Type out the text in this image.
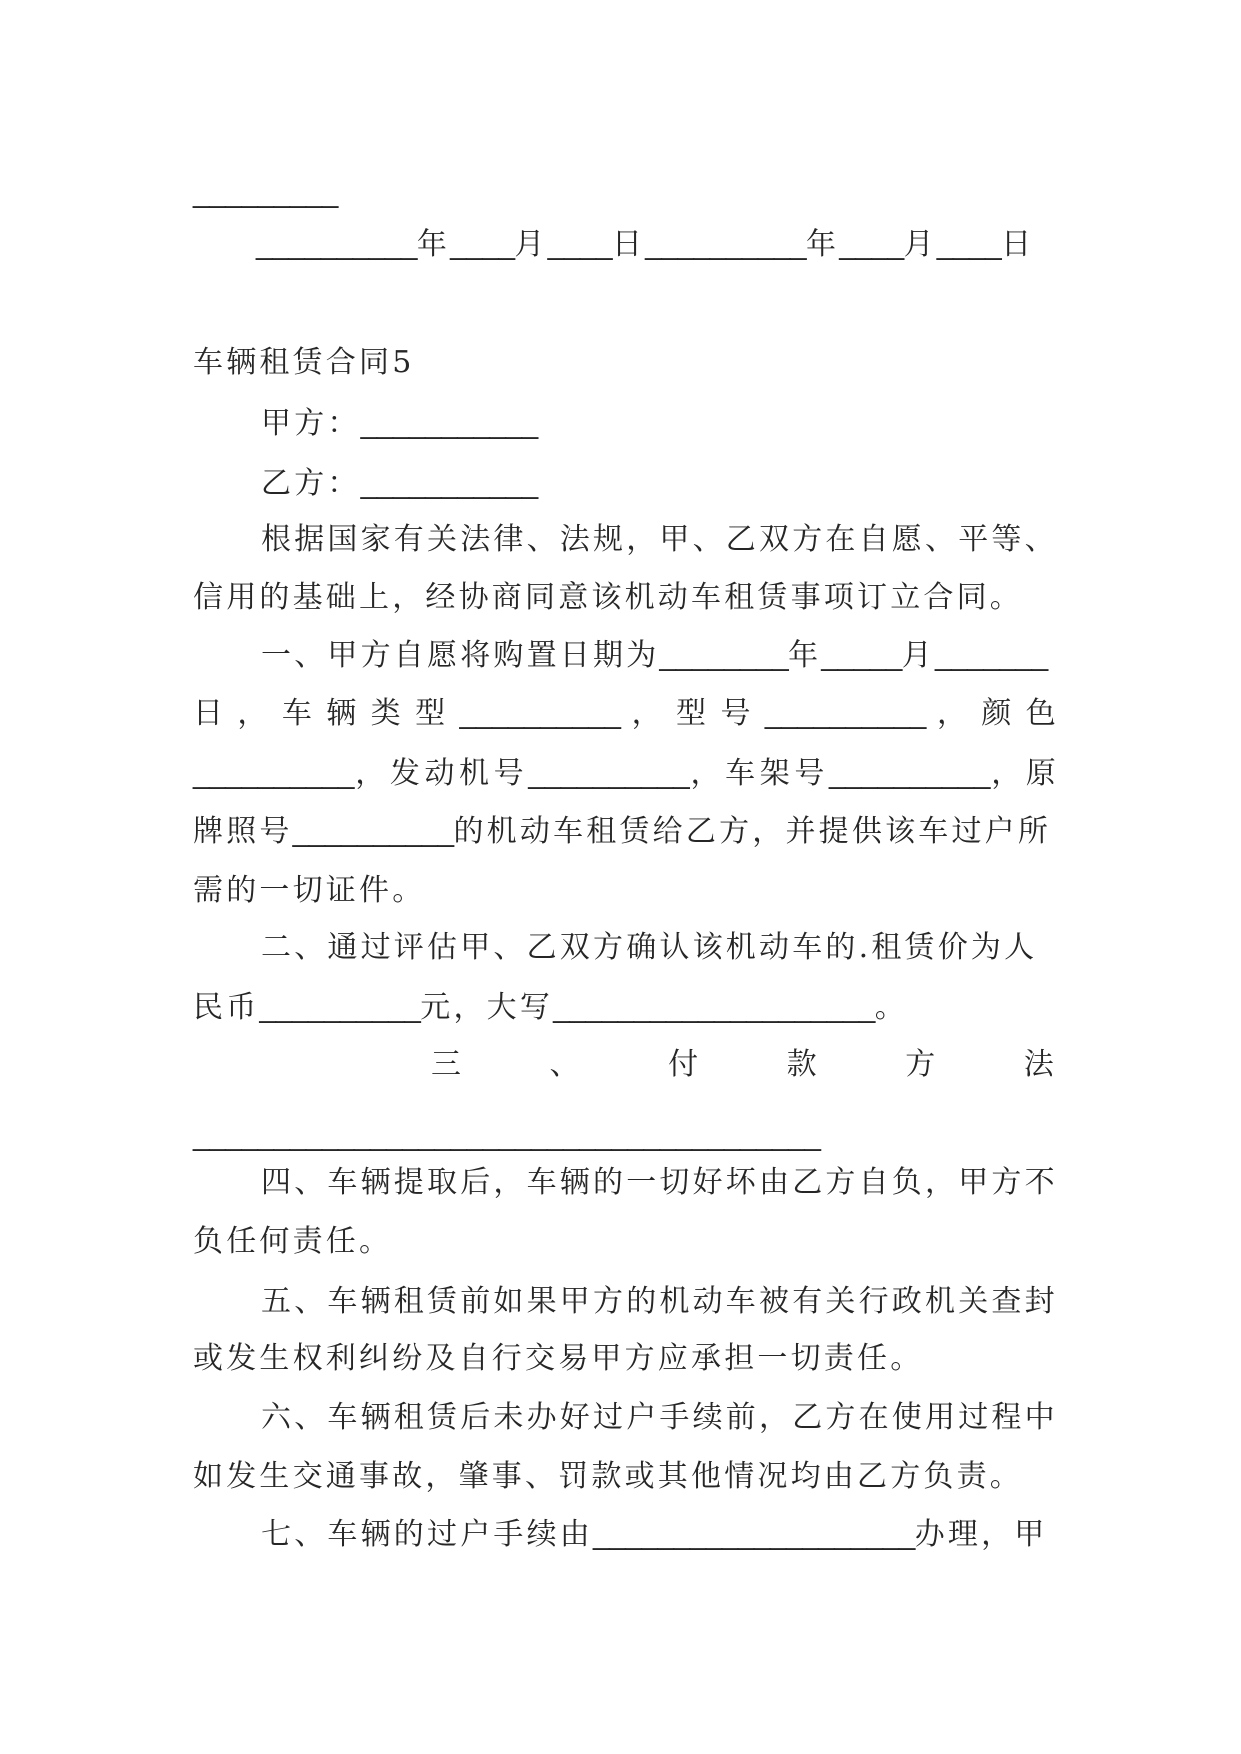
_________
__________年____月____日__________年____月____日
车辆租赁合同5
甲方：___________
乙方：___________
根据国家有关法律、法规，甲、乙双方在自愿、平等、
信用的基础上，经协商同意该机动车租赁事项订立合同。
一、甲方自愿将购置日期为________年_____月_______
日，车辆类型__________，型号__________，颜色
__________，发动机号__________，车架号__________，原
牌照号__________的机动车租赁给乙方，并提供该车过户所
需的一切证件。
二、通过评估甲、乙双方确认该机动车的.租赁价为人
民币__________元，大写____________________。
三、付款方法
_______________________________________
四、车辆提取后，车辆的一切好坏由乙方自负，甲方不
负任何责任。
五、车辆租赁前如果甲方的机动车被有关行政机关查封
或发生权利纠纷及自行交易甲方应承担一切责任。
六、车辆租赁后未办好过户手续前，乙方在使用过程中
如发生交通事故，肇事、罚款或其他情况均由乙方负责。
七、车辆的过户手续由____________________办理，甲
